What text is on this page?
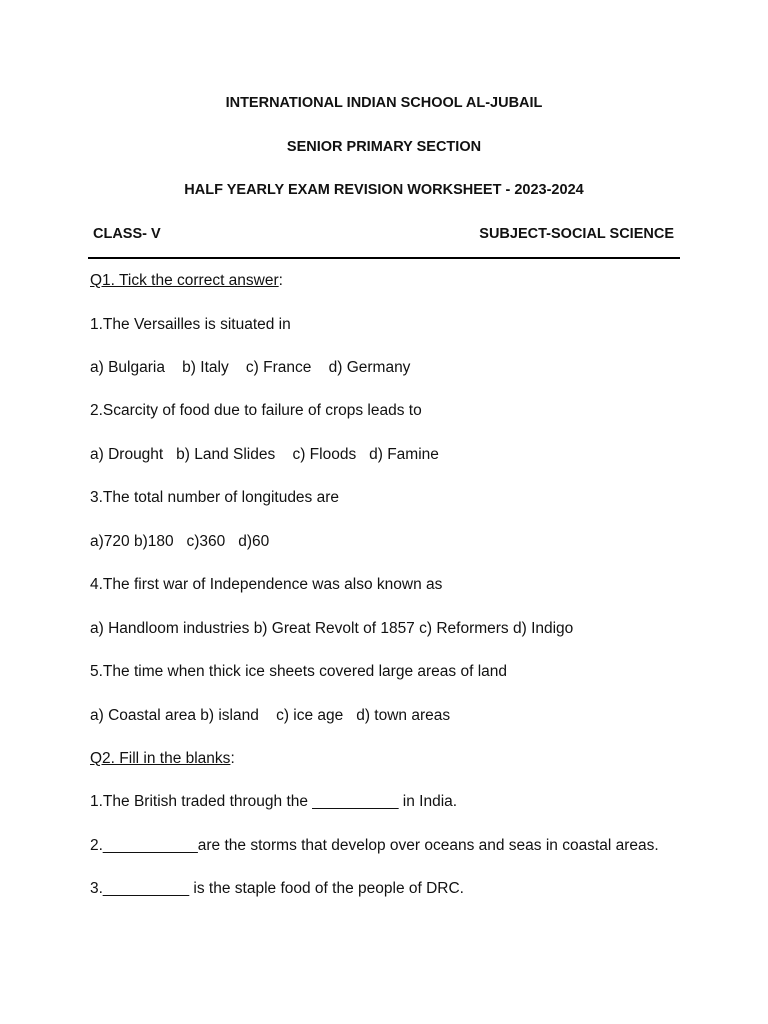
INTERNATIONAL INDIAN SCHOOL AL-JUBAIL
SENIOR PRIMARY SECTION
HALF YEARLY EXAM REVISION WORKSHEET - 2023-2024
CLASS- V	SUBJECT-SOCIAL SCIENCE
Q1. Tick the correct answer:
1.The Versailles is situated in
a) Bulgaria    b) Italy    c) France    d) Germany
2.Scarcity of food due to failure of crops leads to
a) Drought   b) Land Slides    c) Floods   d) Famine
3.The total number of longitudes are
a)720 b)180   c)360   d)60
4.The first war of Independence was also known as
a) Handloom industries b) Great Revolt of 1857 c) Reformers d) Indigo
5.The time when thick ice sheets covered large areas of land
a) Coastal area b) island    c) ice age   d) town areas
Q2. Fill in the blanks:
1.The British traded through the __________ in India.
2.___________are the storms that develop over oceans and seas in coastal areas.
3.__________ is the staple food of the people of DRC.
